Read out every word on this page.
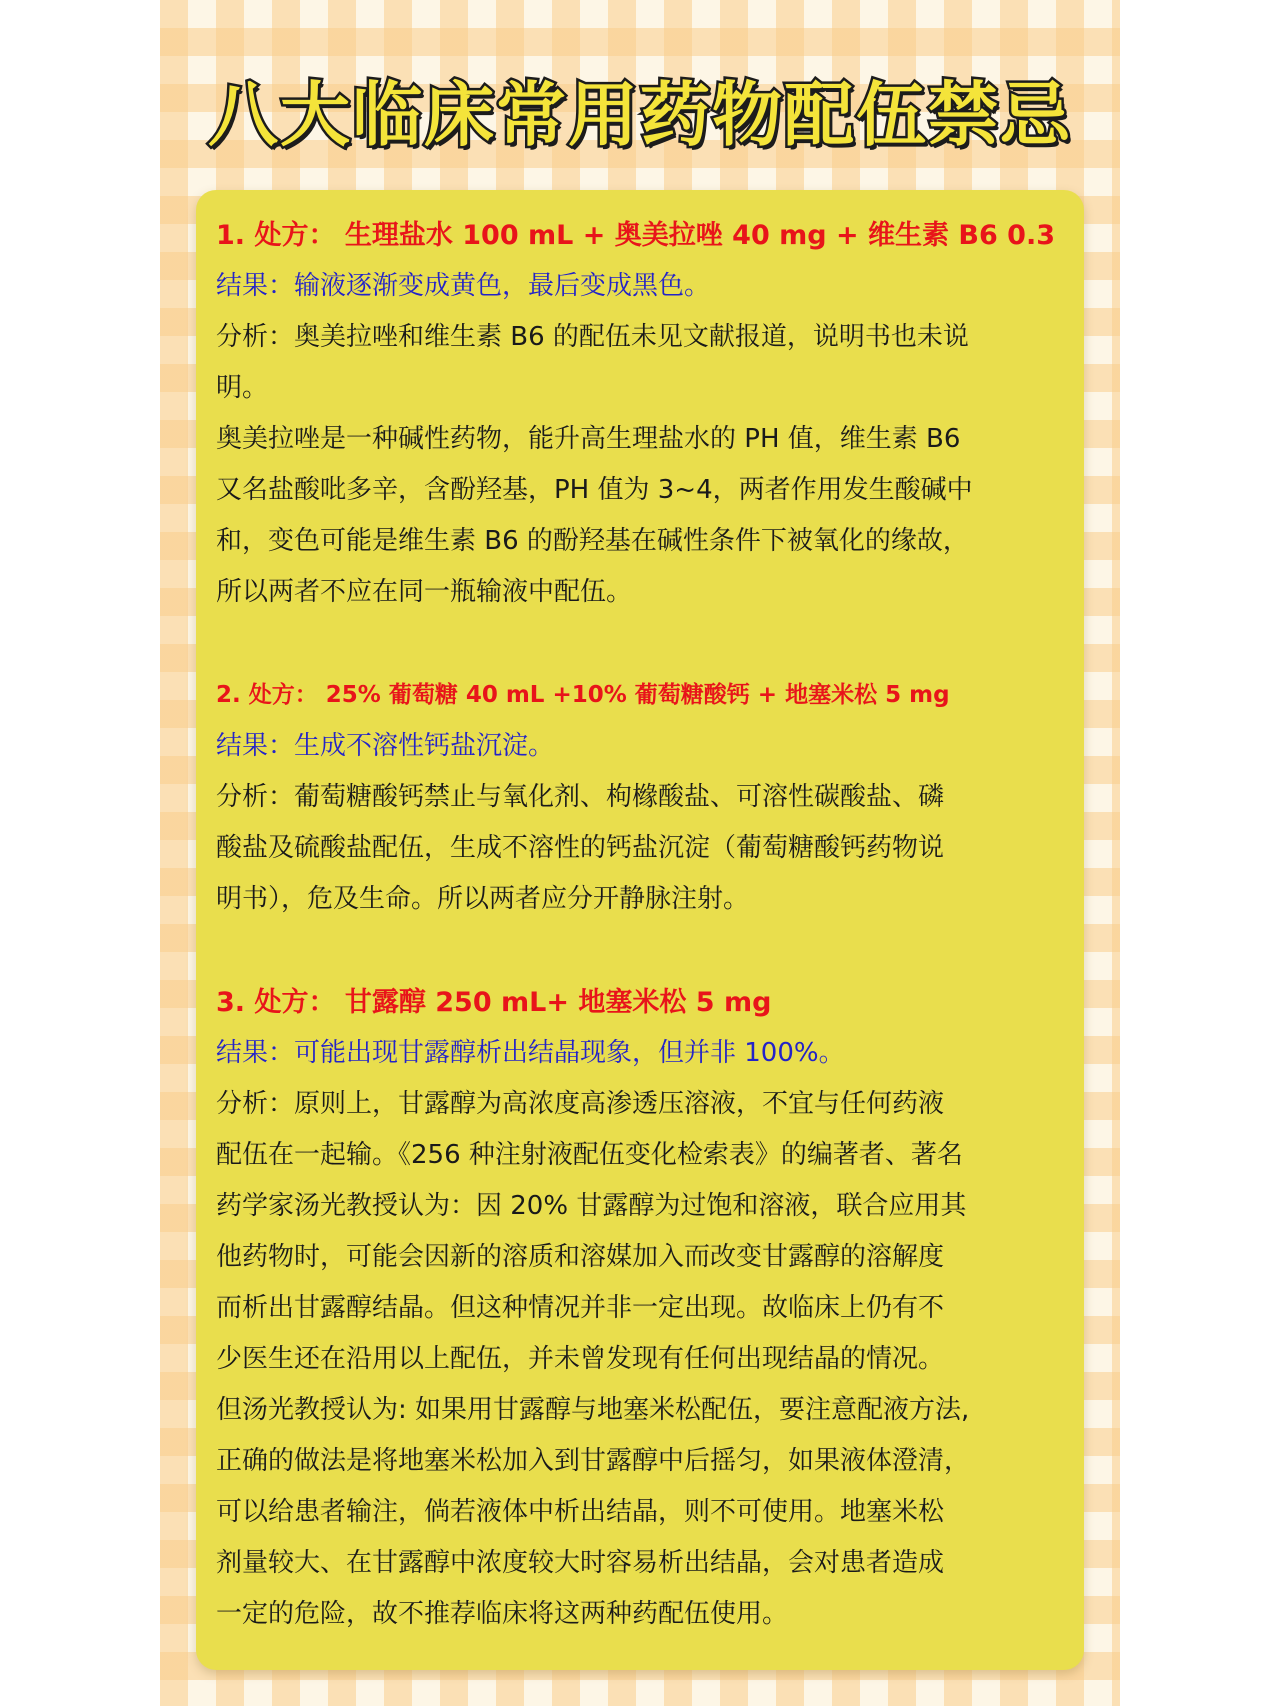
八大临床常用药物配伍禁忌

1. 处方： 生理盐水 100 mL + 奥美拉唑 40 mg + 维生素 B6 0.3

结果：输液逐渐变成黄色，最后变成黑色。

分析：奥美拉唑和维生素 B6 的配伍未见文献报道，说明书也未说

明。

奥美拉唑是一种碱性药物，能升高生理盐水的 PH 值，维生素 B6

又名盐酸吡多辛，含酚羟基，PH 值为 3~4，两者作用发生酸碱中

和，变色可能是维生素 B6 的酚羟基在碱性条件下被氧化的缘故，

所以两者不应在同一瓶输液中配伍。

2. 处方： 25% 葡萄糖 40 mL +10% 葡萄糖酸钙 + 地塞米松 5 mg

结果：生成不溶性钙盐沉淀。

分析：葡萄糖酸钙禁止与氧化剂、枸橼酸盐、可溶性碳酸盐、磷

酸盐及硫酸盐配伍，生成不溶性的钙盐沉淀（葡萄糖酸钙药物说

明书），危及生命。所以两者应分开静脉注射。

3. 处方： 甘露醇 250 mL+ 地塞米松 5 mg

结果：可能出现甘露醇析出结晶现象，但并非 100%。

分析：原则上，甘露醇为高浓度高渗透压溶液，不宜与任何药液

配伍在一起输。《256 种注射液配伍变化检索表》的编著者、著名

药学家汤光教授认为：因 20% 甘露醇为过饱和溶液，联合应用其

他药物时，可能会因新的溶质和溶媒加入而改变甘露醇的溶解度

而析出甘露醇结晶。但这种情况并非一定出现。故临床上仍有不

少医生还在沿用以上配伍，并未曾发现有任何出现结晶的情况。

但汤光教授认为: 如果用甘露醇与地塞米松配伍，要注意配液方法,

正确的做法是将地塞米松加入到甘露醇中后摇匀，如果液体澄清，

可以给患者输注，倘若液体中析出结晶，则不可使用。地塞米松

剂量较大、在甘露醇中浓度较大时容易析出结晶，会对患者造成

一定的危险，故不推荐临床将这两种药配伍使用。
